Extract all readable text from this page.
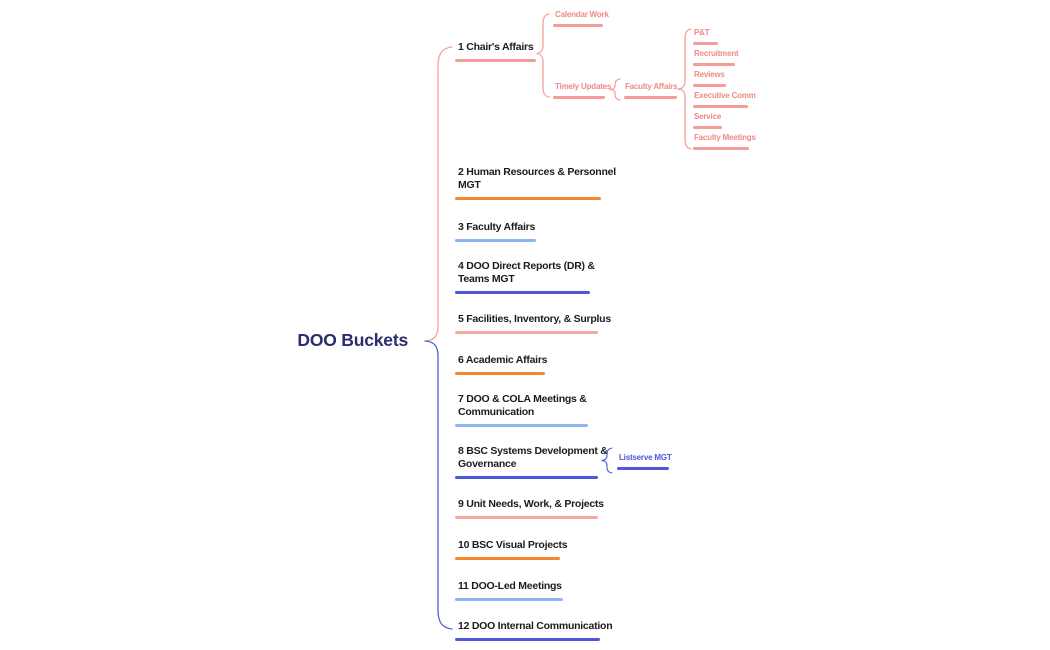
DOO Buckets
1 Chair's Affairs
2 Human Resources & Personnel
MGT
3 Faculty Affairs
4 DOO Direct Reports (DR) &
Teams MGT
5 Facilities, Inventory, & Surplus
6 Academic Affairs
7 DOO & COLA Meetings &
Communication
8 BSC Systems Development &
Governance
9 Unit Needs, Work, & Projects
10 BSC Visual Projects
11 DOO-Led Meetings
12 DOO Internal Communication
Calendar Work
Timely Updates Faculty Affairs
P&T
Recruitment
Reviews
Executive Comm
Service
Faculty Meetings
Listserve MGT
